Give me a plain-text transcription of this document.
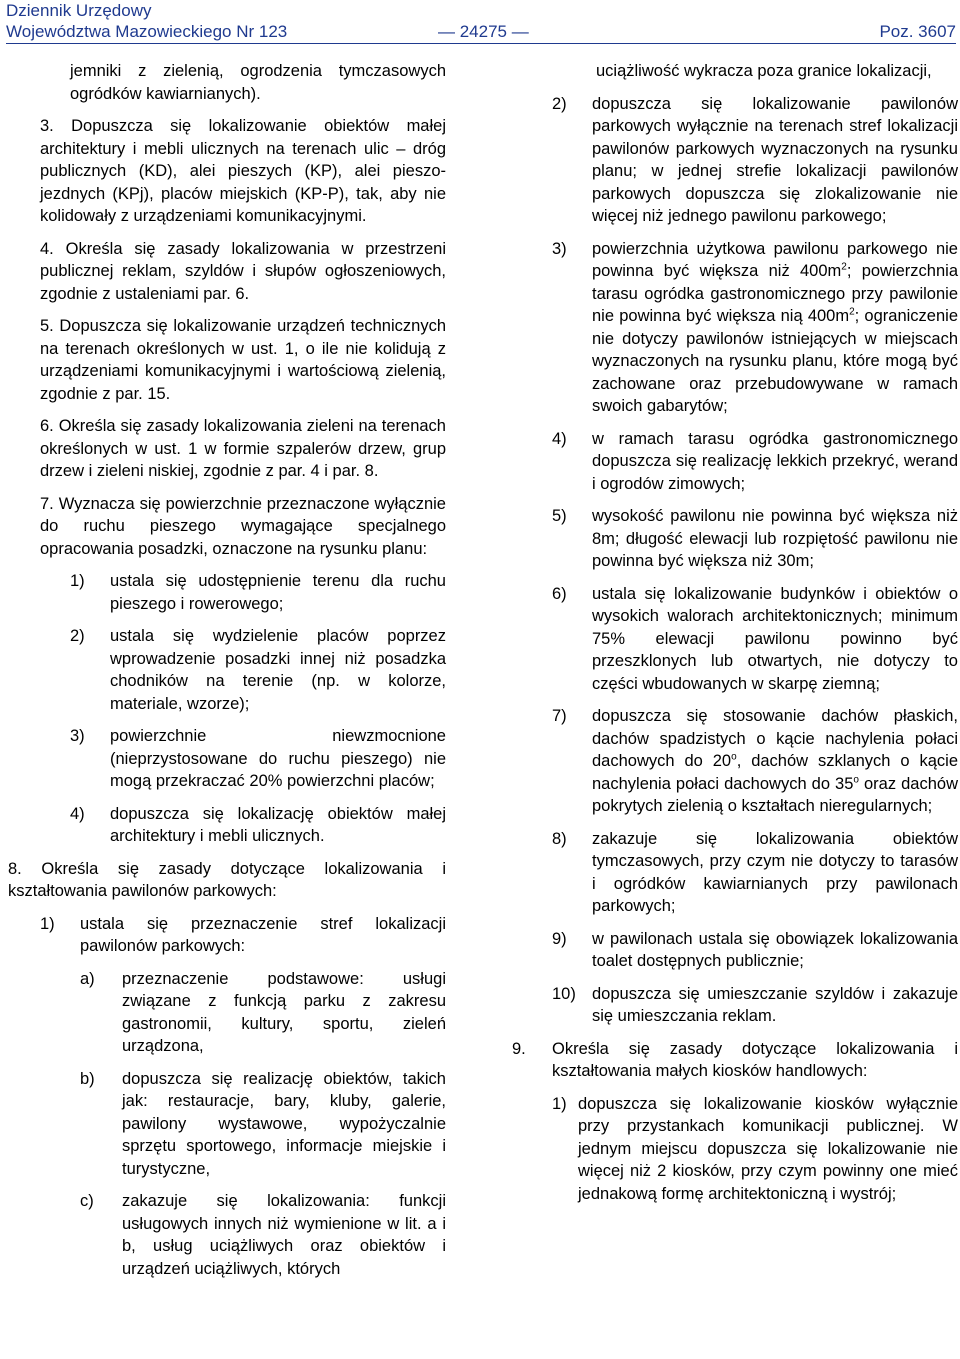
Dziennik Urzędowy
Województwa Mazowieckiego Nr 123	— 24275 —	Poz. 3607

jemniki z zielenią, ogrodzenia tymczasowych ogródków kawiarnianych).

3. Dopuszcza się lokalizowanie obiektów małej architektury i mebli ulicznych na terenach ulic – dróg publicznych (KD), alei pieszych (KP), alei pieszo-jezdnych (KPj), placów miejskich (KP-P), tak, aby nie kolidowały z urządzeniami komunikacyjnymi.

4. Określa się zasady lokalizowania w przestrzeni publicznej reklam, szyldów i słupów ogłoszeniowych, zgodnie z ustaleniami par. 6.

5. Dopuszcza się lokalizowanie urządzeń technicznych na terenach określonych w ust. 1, o ile nie kolidują z urządzeniami komunikacyjnymi i wartościową zielenią, zgodnie z par. 15.

6. Określa się zasady lokalizowania zieleni na terenach określonych w ust. 1 w formie szpalerów drzew, grup drzew i zieleni niskiej, zgodnie z par. 4 i par. 8.

7. Wyznacza się powierzchnie przeznaczone wyłącznie do ruchu pieszego wymagające specjalnego opracowania posadzki, oznaczone na rysunku planu:

1) ustala się udostępnienie terenu dla ruchu pieszego i rowerowego;
2) ustala się wydzielenie placów poprzez wprowadzenie posadzki innej niż posadzka chodników na terenie (np. w kolorze, materiale, wzorze);
3) powierzchnie niewzmocnione (nieprzystosowane do ruchu pieszego) nie mogą przekraczać 20% powierzchni placów;
4) dopuszcza się lokalizację obiektów małej architektury i mebli ulicznych.

8. Określa się zasady dotyczące lokalizowania i kształtowania pawilonów parkowych:

1) ustala się przeznaczenie stref lokalizacji pawilonów parkowych:
a) przeznaczenie podstawowe: usługi związane z funkcją parku z zakresu gastronomii, kultury, sportu, zieleń urządzona,
b) dopuszcza się realizację obiektów, takich jak: restauracje, bary, kluby, galerie, pawilony wystawowe, wypożyczalnie sprzętu sportowego, informacje miejskie i turystyczne,
c) zakazuje się lokalizowania: funkcji usługowych innych niż wymienione w lit. a i b, usług uciążliwych oraz obiektów i urządzeń uciążliwych, których

uciążliwość wykracza poza granice lokalizacji,

2) dopuszcza się lokalizowanie pawilonów parkowych wyłącznie na terenach stref lokalizacji pawilonów parkowych wyznaczonych na rysunku planu; w jednej strefie lokalizacji pawilonów parkowych dopuszcza się zlokalizowanie nie więcej niż jednego pawilonu parkowego;
3) powierzchnia użytkowa pawilonu parkowego nie powinna być większa niż $400m^2$; powierzchnia tarasu ogródka gastronomicznego przy pawilonie nie powinna być większa nią $400m^2$; ograniczenie nie dotyczy pawilonów istniejących w miejscach wyznaczonych na rysunku planu, które mogą być zachowane oraz przebudowywane w ramach swoich gabarytów;
4) w ramach tarasu ogródka gastronomicznego dopuszcza się realizację lekkich przekryć, werand i ogrodów zimowych;
5) wysokość pawilonu nie powinna być większa niż 8m; długość elewacji lub rozpiętość pawilonu nie powinna być większa niż 30m;
6) ustala się lokalizowanie budynków i obiektów o wysokich walorach architektonicznych; minimum 75% elewacji pawilonu powinno być przeszklonych lub otwartych, nie dotyczy to części wbudowanych w skarpę ziemną;
7) dopuszcza się stosowanie dachów płaskich, dachów spadzistych o kącie nachylenia połaci dachowych do 20$^o$, dachów szklanych o kącie nachylenia połaci dachowych do 35$^o$ oraz dachów pokrytych zielenią o kształtach nieregularnych;
8) zakazuje się lokalizowania obiektów tymczasowych, przy czym nie dotyczy to tarasów i ogródków kawiarnianych przy pawilonach parkowych;
9) w pawilonach ustala się obowiązek lokalizowania toalet dostępnych publicznie;
10) dopuszcza się umieszczanie szyldów i zakazuje się umieszczania reklam.
9. Określa się zasady dotyczące lokalizowania i kształtowania małych kiosków handlowych:
1) dopuszcza się lokalizowanie kiosków wyłącznie przy przystankach komunikacji publicznej. W jednym miejscu dopuszcza się lokalizowanie nie więcej niż 2 kiosków, przy czym powinny one mieć jednakową formę architektoniczną i wystrój;
